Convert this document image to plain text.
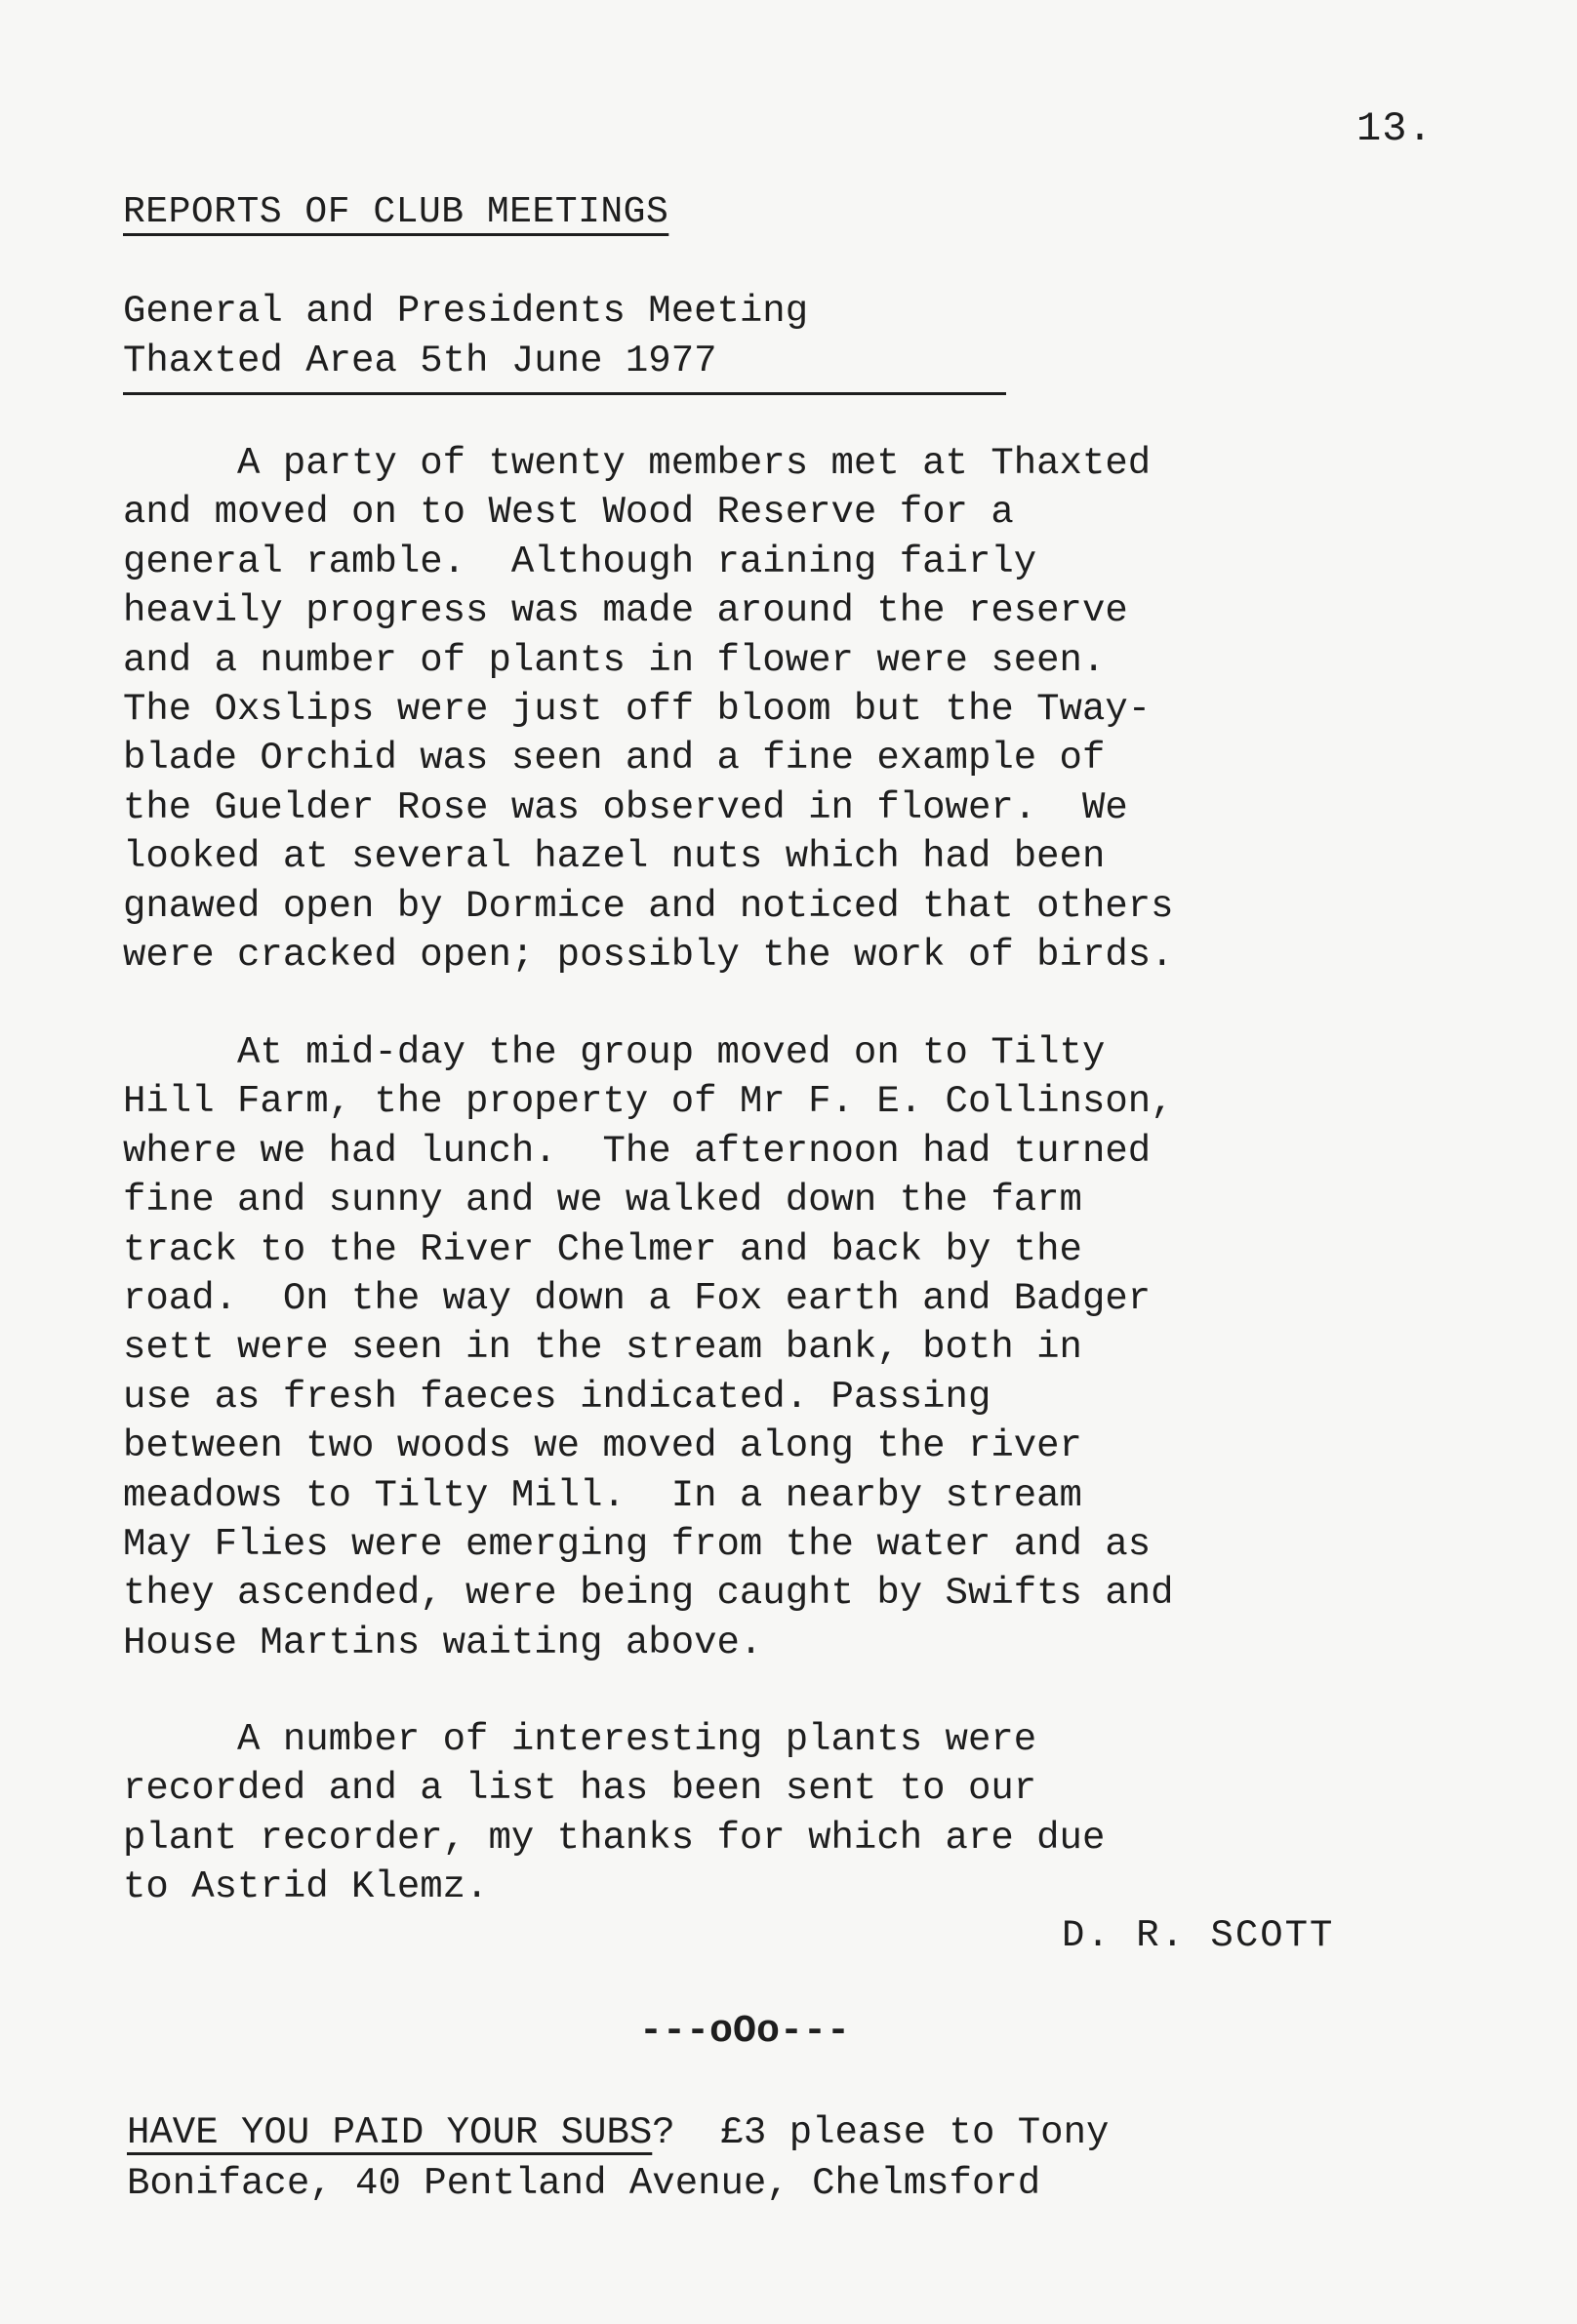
13.
REPORTS OF CLUB MEETINGS
General and Presidents Meeting
Thaxted Area 5th June 1977
A party of twenty members met at Thaxted
and moved on to West Wood Reserve for a
general ramble.  Although raining fairly
heavily progress was made around the reserve
and a number of plants in flower were seen.
The Oxslips were just off bloom but the Tway-
blade Orchid was seen and a fine example of
the Guelder Rose was observed in flower.  We
looked at several hazel nuts which had been
gnawed open by Dormice and noticed that others
were cracked open; possibly the work of birds.
At mid-day the group moved on to Tilty
Hill Farm, the property of Mr F. E. Collinson,
where we had lunch.  The afternoon had turned
fine and sunny and we walked down the farm
track to the River Chelmer and back by the
road.  On the way down a Fox earth and Badger
sett were seen in the stream bank, both in
use as fresh faeces indicated. Passing
between two woods we moved along the river
meadows to Tilty Mill.  In a nearby stream
May Flies were emerging from the water and as
they ascended, were being caught by Swifts and
House Martins waiting above.
A number of interesting plants were
recorded and a list has been sent to our
plant recorder, my thanks for which are due
to Astrid Klemz.
D. R. SCOTT
---oOo---
HAVE YOU PAID YOUR SUBS?  £3 please to Tony
Boniface, 40 Pentland Avenue, Chelmsford
